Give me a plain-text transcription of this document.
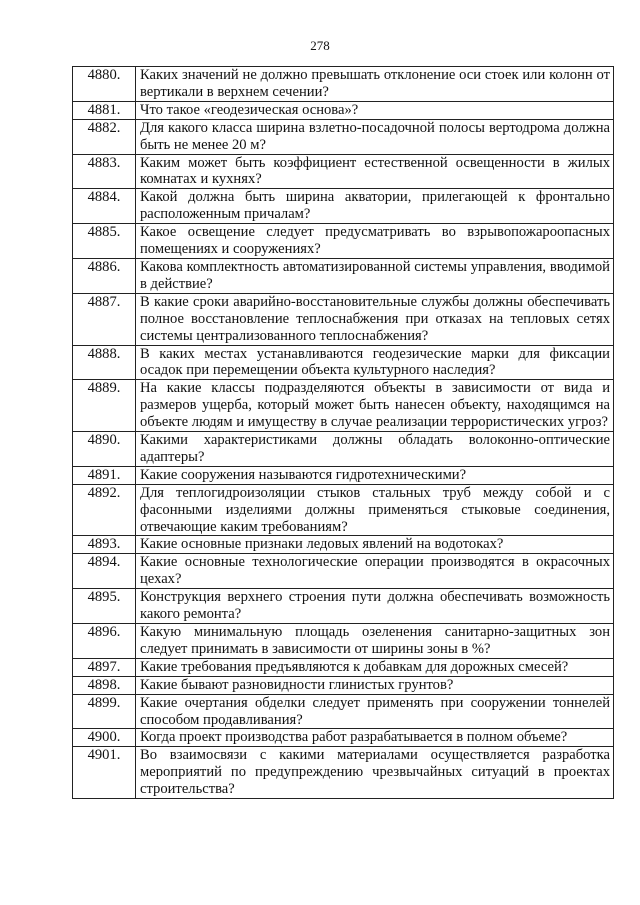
278
4880.	Каких значений не должно превышать отклонение оси стоек или колонн от вертикали в верхнем сечении?
4881.	Что такое «геодезическая основа»?
4882.	Для какого класса ширина взлетно-посадочной полосы вертодрома должна быть не менее 20 м?
4883.	Каким может быть коэффициент естественной освещенности в жилых комнатах и кухнях?
4884.	Какой должна быть ширина акватории, прилегающей к фронтально расположенным причалам?
4885.	Какое освещение следует предусматривать во взрывопожароопасных помещениях и сооружениях?
4886.	Какова комплектность автоматизированной системы управления, вводимой в действие?
4887.	В какие сроки аварийно-восстановительные службы должны обеспечивать полное восстановление теплоснабжения при отказах на тепловых сетях системы централизованного теплоснабжения?
4888.	В каких местах устанавливаются геодезические марки для фиксации осадок при перемещении объекта культурного наследия?
4889.	На какие классы подразделяются объекты в зависимости от вида и размеров ущерба, который может быть нанесен объекту, находящимся на объекте людям и имуществу в случае реализации террористических угроз?
4890.	Какими характеристиками должны обладать волоконно-оптические адаптеры?
4891.	Какие сооружения называются гидротехническими?
4892.	Для теплогидроизоляции стыков стальных труб между собой и с фасонными изделиями должны применяться стыковые соединения, отвечающие каким требованиям?
4893.	Какие основные признаки ледовых явлений на водотоках?
4894.	Какие основные технологические операции производятся в окрасочных цехах?
4895.	Конструкция верхнего строения пути должна обеспечивать возможность какого ремонта?
4896.	Какую минимальную площадь озеленения санитарно-защитных зон следует принимать в зависимости от ширины зоны в %?
4897.	Какие требования предъявляются к добавкам для дорожных смесей?
4898.	Какие бывают разновидности глинистых грунтов?
4899.	Какие очертания обделки следует применять при сооружении тоннелей способом продавливания?
4900.	Когда проект производства работ разрабатывается в полном объеме?
4901.	Во взаимосвязи с какими материалами осуществляется разработка мероприятий по предупреждению чрезвычайных ситуаций в проектах строительства?
